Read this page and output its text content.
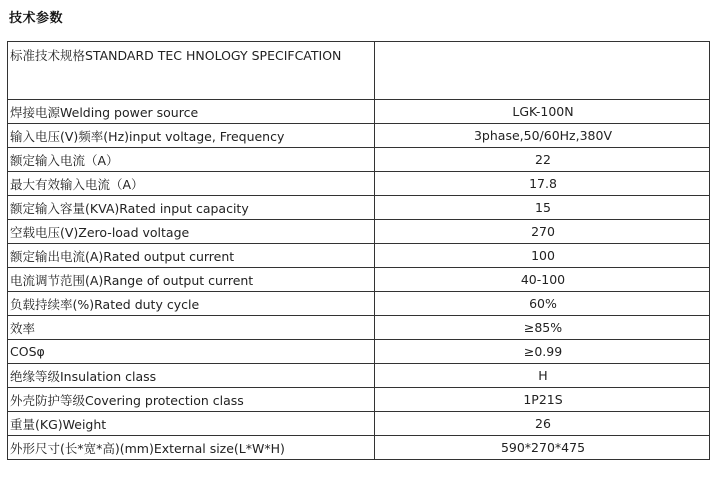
技术参数
标准技术规格STANDARD TEC HNOLOGY SPECIFCATION	
焊接电源Welding power source	LGK-100N
输入电压(V)频率(Hz)input voltage, Frequency	3phase,50/60Hz,380V
额定输入电流（A）	22
最大有效输入电流（A）	17.8
额定输入容量(KVA)Rated input capacity	15
空载电压(V)Zero-load voltage	270
额定输出电流(A)Rated output current	100
电流调节范围(A)Range of output current	40-100
负载持续率(%)Rated duty cycle	60%
效率	≥85%
COSφ	≥0.99
绝缘等级Insulation class	H
外壳防护等级Covering protection class	1P21S
重量(KG)Weight	26
外形尺寸(长*宽*高)(mm)External size(L*W*H)	590*270*475
